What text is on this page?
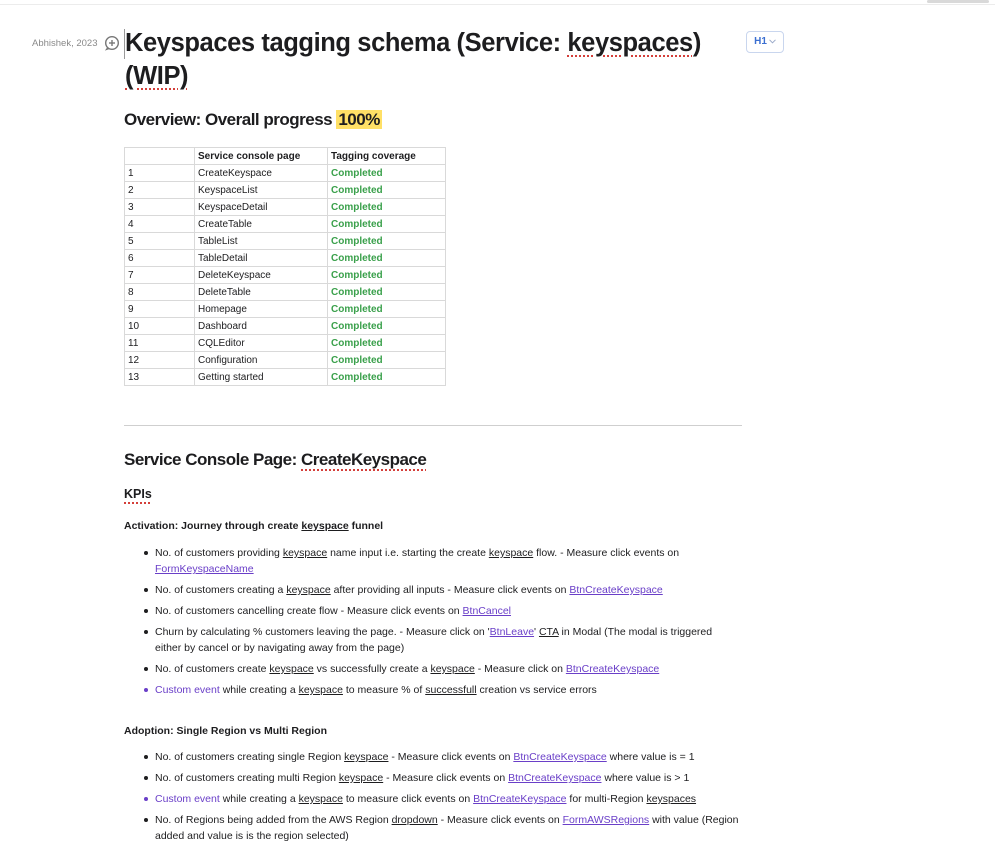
Abhishek, 2023 Keyspaces tagging schema (Service: keyspaces) (WIP)
H1
Overview: Overall progress 100%
	Service console page	Tagging coverage
1	CreateKeyspace	Completed
2	KeyspaceList	Completed
3	KeyspaceDetail	Completed
4	CreateTable	Completed
5	TableList	Completed
6	TableDetail	Completed
7	DeleteKeyspace	Completed
8	DeleteTable	Completed
9	Homepage	Completed
10	Dashboard	Completed
11	CQLEditor	Completed
12	Configuration	Completed
13	Getting started	Completed
Service Console Page: CreateKeyspace
KPIs
Activation: Journey through create keyspace funnel
No. of customers providing keyspace name input i.e. starting the create keyspace flow. - Measure click events on FormKeyspaceName
No. of customers creating a keyspace after providing all inputs - Measure click events on BtnCreateKeyspace
No. of customers cancelling create flow - Measure click events on BtnCancel
Churn by calculating % customers leaving the page. - Measure click on 'BtnLeave' CTA in Modal (The modal is triggered either by cancel or by navigating away from the page)
No. of customers create keyspace vs successfully create a keyspace - Measure click on BtnCreateKeyspace
Custom event while creating a keyspace to measure % of successfull creation vs service errors
Adoption: Single Region vs Multi Region
No. of customers creating single Region keyspace - Measure click events on BtnCreateKeyspace where value is = 1
No. of customers creating multi Region keyspace - Measure click events on BtnCreateKeyspace where value is > 1
Custom event while creating a keyspace to measure click events on BtnCreateKeyspace for multi-Region keyspaces
No. of Regions being added from the AWS Region dropdown - Measure click events on FormAWSRegions with value (Region added and value is is the region selected)
